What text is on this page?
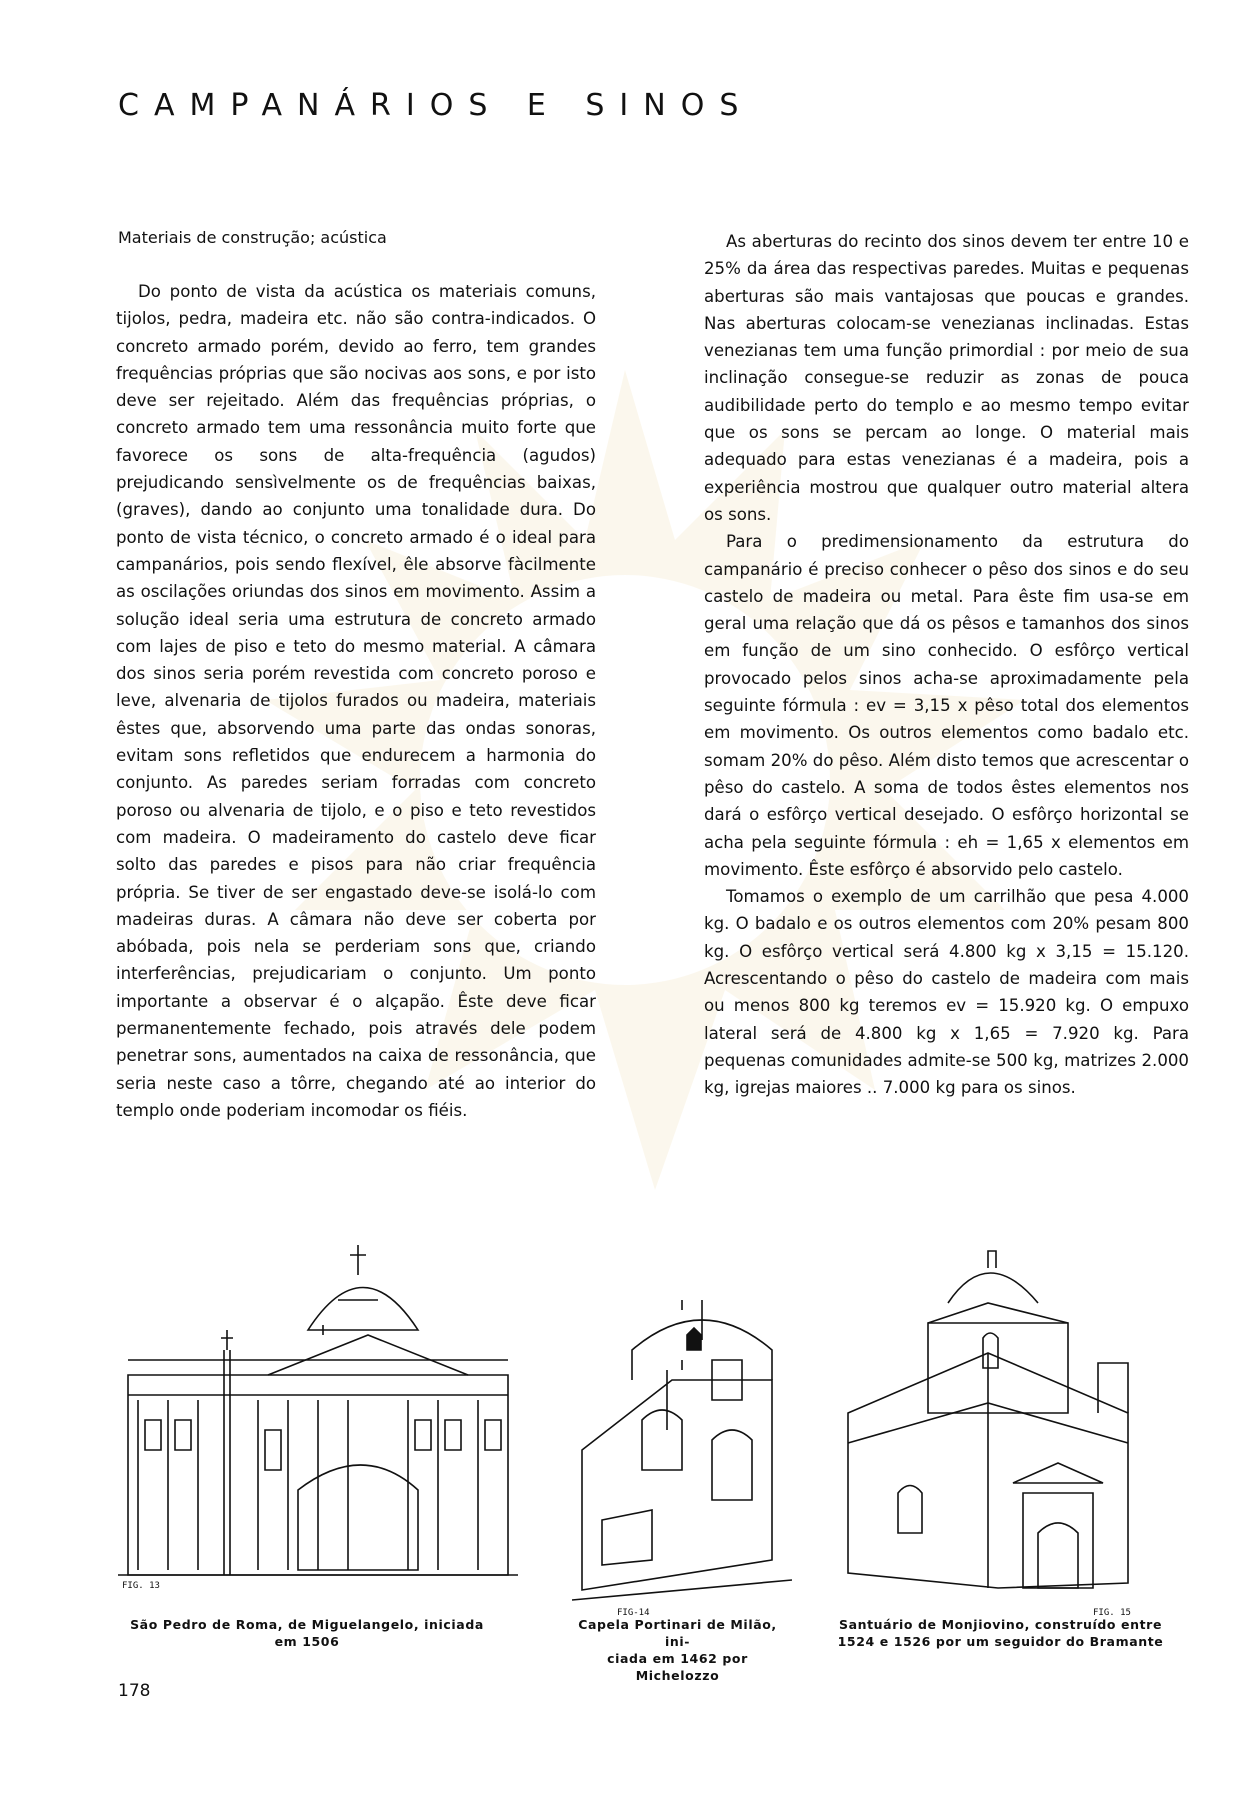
CAMPANÁRIOS E SINOS
Materiais de construção; acústica

Do ponto de vista da acústica os materiais comuns, tijolos, pedra, madeira etc. não são contra-indicados. O concreto armado porém, devido ao ferro, tem grandes frequências próprias que são nocivas aos sons, e por isto deve ser rejeitado. Além das frequências próprias, o concreto armado tem uma ressonância muito forte que favorece os sons de alta-frequência (agudos) prejudicando sensìvelmente os de frequências baixas, (graves), dando ao conjunto uma tonalidade dura. Do ponto de vista técnico, o concreto armado é o ideal para campanários, pois sendo flexível, êle absorve fàcilmente as oscilações oriundas dos sinos em movimento. Assim a solução ideal seria uma estrutura de concreto armado com lajes de piso e teto do mesmo material. A câmara dos sinos seria porém revestida com concreto poroso e leve, alvenaria de tijolos furados ou madeira, materiais êstes que, absorvendo uma parte das ondas sonoras, evitam sons refletidos que endurecem a harmonia do conjunto. As paredes seriam forradas com concreto poroso ou alvenaria de tijolo, e o piso e teto revestidos com madeira. O madeiramento do castelo deve ficar solto das paredes e pisos para não criar frequência própria. Se tiver de ser engastado deve-se isolá-lo com madeiras duras. A câmara não deve ser coberta por abóbada, pois nela se perderiam sons que, criando interferências, prejudicariam o conjunto. Um ponto importante a observar é o alçapão. Êste deve ficar permanentemente fechado, pois através dele podem penetrar sons, aumentados na caixa de ressonância, que seria neste caso a tôrre, chegando até ao interior do templo onde poderiam incomodar os fiéis.

As aberturas do recinto dos sinos devem ter entre 10 e 25% da área das respectivas paredes. Muitas e pequenas aberturas são mais vantajosas que poucas e grandes. Nas aberturas colocam-se venezianas inclinadas. Estas venezianas tem uma função primordial : por meio de sua inclinação consegue-se reduzir as zonas de pouca audibilidade perto do templo e ao mesmo tempo evitar que os sons se percam ao longe. O material mais adequado para estas venezianas é a madeira, pois a experiência mostrou que qualquer outro material altera os sons.

Para o predimensionamento da estrutura do campanário é preciso conhecer o pêso dos sinos e do seu castelo de madeira ou metal. Para êste fim usa-se em geral uma relação que dá os pêsos e tamanhos dos sinos em função de um sino conhecido. O esfôrço vertical provocado pelos sinos acha-se aproximadamente pela seguinte fórmula : ev = 3,15 x pêso total dos elementos em movimento. Os outros elementos como badalo etc. somam 20% do pêso. Além disto temos que acrescentar o pêso do castelo. A soma de todos êstes elementos nos dará o esfôrço vertical desejado. O esfôrço horizontal se acha pela seguinte fórmula : eh = 1,65 x elementos em movimento. Êste esfôrço é absorvido pelo castelo.

Tomamos o exemplo de um carrilhão que pesa 4.000 kg. O badalo e os outros elementos com 20% pesam 800 kg. O esfôrço vertical será 4.800 kg x 3,15 = 15.120. Acrescentando o pêso do castelo de madeira com mais ou menos 800 kg teremos ev = 15.920 kg. O empuxo lateral será de 4.800 kg x 1,65 = 7.920 kg. Para pequenas comunidades admite-se 500 kg, matrizes 2.000 kg, igrejas maiores .. 7.000 kg para os sinos.

FIG. 13
FIG-14	FIG. 15
São Pedro de Roma, de Miguelangelo, iniciada
em 1506
Capela Portinari de Milão, ini-
ciada em 1462 por Michelozzo
Santuário de Monjiovino, construído entre
1524 e 1526 por um seguidor do Bramante
178
